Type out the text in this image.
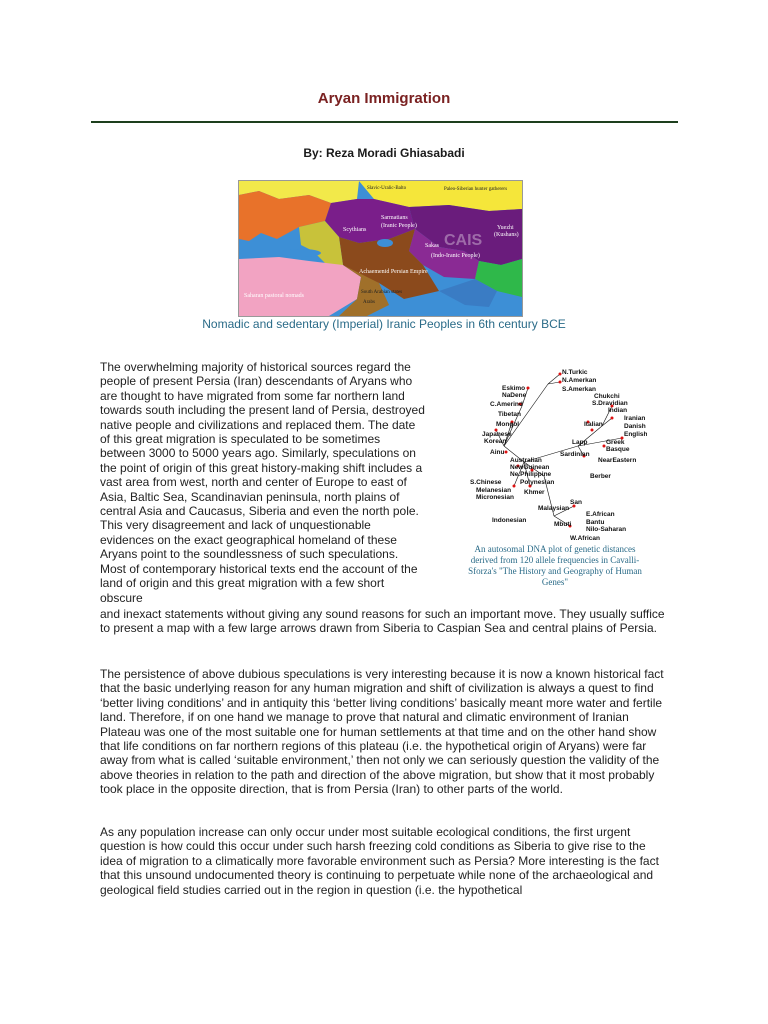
Aryan Immigration
By: Reza Moradi Ghiasabadi
Slavic-Uralic-Balto	Paleo-Siberian hunter gatherers
Sarmatians
(Iranic People)
Scythians	Yuezhi
(Kushans)
Sakas
(Indo-Iranic People)
Achaemenid Persian Empire
Saharan pastoral nomads
South Arabian states
Arabs
CAIS
Nomadic and sedentary (Imperial) Iranic Peoples in 6th century BCE
N.Turkic
N.Amerkan
Eskimo
NaDene
S.Amerkan
C.Amerind
Chukchi
S.Dravidian
Tibetan
Indian
Mongol
Iranian
Italian	Danish
Japanese	English
Korean	Greek
Basque
Ainu
Lapp
Sardinian
NearEastern
Australian
NewGuinean
S.Chinese
Ne.Philippine
Melanesian
Polynesian
Micronesian
Khmer
Berber
Malaysian
San
Indonesian
Mbuti
E.African
Bantu
Nilo-Saharan
W.African
An autosomal DNA plot of genetic distances derived from 120 allele frequencies in Cavalli-Sforza's "The History and Geography of Human Genes"
The overwhelming majority of historical sources regard the people of present Persia (Iran) descendants of Aryans who are thought to have migrated from some far northern land towards south including the present land of Persia, destroyed native people and civilizations and replaced them. The date of this great migration is speculated to be sometimes between 3000 to 5000 years ago. Similarly, speculations on the point of origin of this great history-making shift includes a vast area from west, north and center of Europe to east of Asia, Baltic Sea, Scandinavian peninsula, north plains of central Asia and Caucasus, Siberia and even the north pole. This very disagreement and lack of unquestionable evidences on the exact geographical homeland of these Aryans point to the soundlessness of such speculations. Most of contemporary historical texts end the account of the land of origin and this great migration with a few short obscure

and inexact statements without giving any sound reasons for such an important move. They usually suffice to present a map with a few large arrows drawn from Siberia to Caspian Sea and central plains of Persia.

The persistence of above dubious speculations is very interesting because it is now a known historical fact that the basic underlying reason for any human migration and shift of civilization is always a quest to find ‘better living conditions’ and in antiquity this ‘better living conditions’ basically meant more water and fertile land. Therefore, if on one hand we manage to prove that natural and climatic environment of Iranian Plateau was one of the most suitable one for human settlements at that time and on the other hand show that life conditions on far northern regions of this plateau (i.e. the hypothetical origin of Aryans) were far away from what is called ‘suitable environment,’ then not only we can seriously question the validity of the above theories in relation to the path and direction of the above migration, but show that it most probably took place in the opposite direction, that is from Persia (Iran) to other parts of the world.

As any population increase can only occur under most suitable ecological conditions, the first urgent question is how could this occur under such harsh freezing cold conditions as Siberia to give rise to the idea of migration to a climatically more favorable environment such as Persia? More interesting is the fact that this unsound undocumented theory is continuing to perpetuate while none of the archaeological and geological field studies carried out in the region in question (i.e. the hypothetical
